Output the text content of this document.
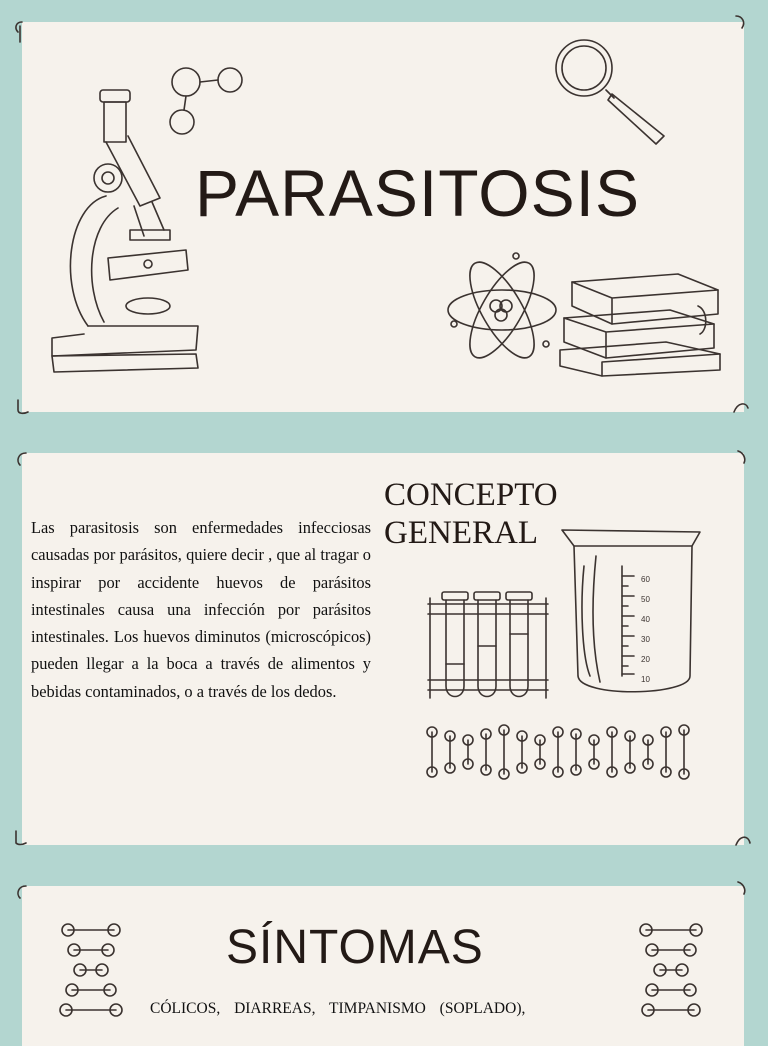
PARASITOSIS
CONCEPTO
GENERAL
Las parasitosis son enfermedades infecciosas causadas por parásitos, quiere decir , que al tragar o inspirar por accidente huevos de parásitos intestinales causa una infección por parásitos intestinales. Los huevos diminutos (microscópicos) pueden llegar a la boca a través de alimentos y bebidas contaminados, o a través de los dedos.
60
50
40
30
20
10
SÍNTOMAS
CÓLICOS, DIARREAS, TIMPANISMO (SOPLADO),
